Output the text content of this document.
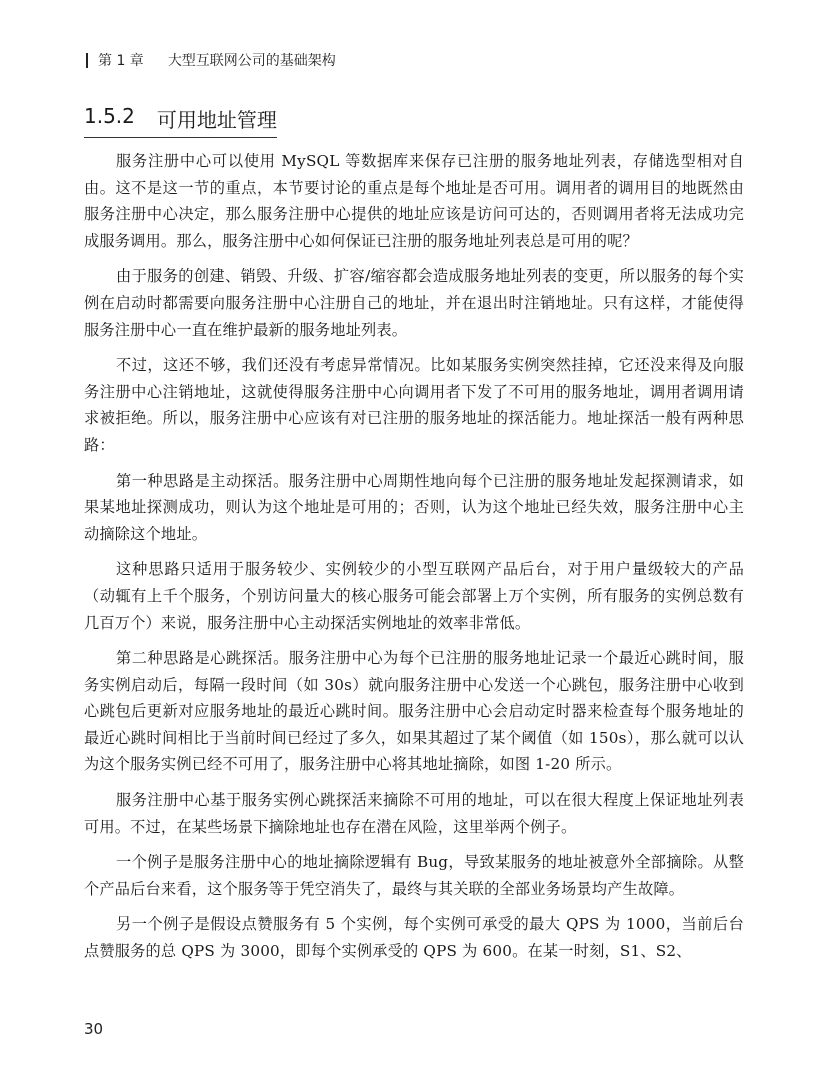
第 1 章 大型互联网公司的基础架构
1.5.2 可用地址管理

服务注册中心可以使用 MySQL 等数据库来保存已注册的服务地址列表，存储选型相对自由。这不是这一节的重点，本节要讨论的重点是每个地址是否可用。调用者的调用目的地既然由服务注册中心决定，那么服务注册中心提供的地址应该是访问可达的，否则调用者将无法成功完成服务调用。那么，服务注册中心如何保证已注册的服务地址列表总是可用的呢？

由于服务的创建、销毁、升级、扩容/缩容都会造成服务地址列表的变更，所以服务的每个实例在启动时都需要向服务注册中心注册自己的地址，并在退出时注销地址。只有这样，才能使得服务注册中心一直在维护最新的服务地址列表。

不过，这还不够，我们还没有考虑异常情况。比如某服务实例突然挂掉，它还没来得及向服务注册中心注销地址，这就使得服务注册中心向调用者下发了不可用的服务地址，调用者调用请求被拒绝。所以，服务注册中心应该有对已注册的服务地址的探活能力。地址探活一般有两种思路：

第一种思路是主动探活。服务注册中心周期性地向每个已注册的服务地址发起探测请求，如果某地址探测成功，则认为这个地址是可用的；否则，认为这个地址已经失效，服务注册中心主动摘除这个地址。

这种思路只适用于服务较少、实例较少的小型互联网产品后台，对于用户量级较大的产品（动辄有上千个服务，个别访问量大的核心服务可能会部署上万个实例，所有服务的实例总数有几百万个）来说，服务注册中心主动探活实例地址的效率非常低。

第二种思路是心跳探活。服务注册中心为每个已注册的服务地址记录一个最近心跳时间，服务实例启动后，每隔一段时间（如 30s）就向服务注册中心发送一个心跳包，服务注册中心收到心跳包后更新对应服务地址的最近心跳时间。服务注册中心会启动定时器来检查每个服务地址的最近心跳时间相比于当前时间已经过了多久，如果其超过了某个阈值（如 150s），那么就可以认为这个服务实例已经不可用了，服务注册中心将其地址摘除，如图 1-20 所示。

服务注册中心基于服务实例心跳探活来摘除不可用的地址，可以在很大程度上保证地址列表可用。不过，在某些场景下摘除地址也存在潜在风险，这里举两个例子。

一个例子是服务注册中心的地址摘除逻辑有 Bug，导致某服务的地址被意外全部摘除。从整个产品后台来看，这个服务等于凭空消失了，最终与其关联的全部业务场景均产生故障。

另一个例子是假设点赞服务有 5 个实例，每个实例可承受的最大 QPS 为 1000，当前后台点赞服务的总 QPS 为 3000，即每个实例承受的 QPS 为 600。在某一时刻，S1、S2、

30
